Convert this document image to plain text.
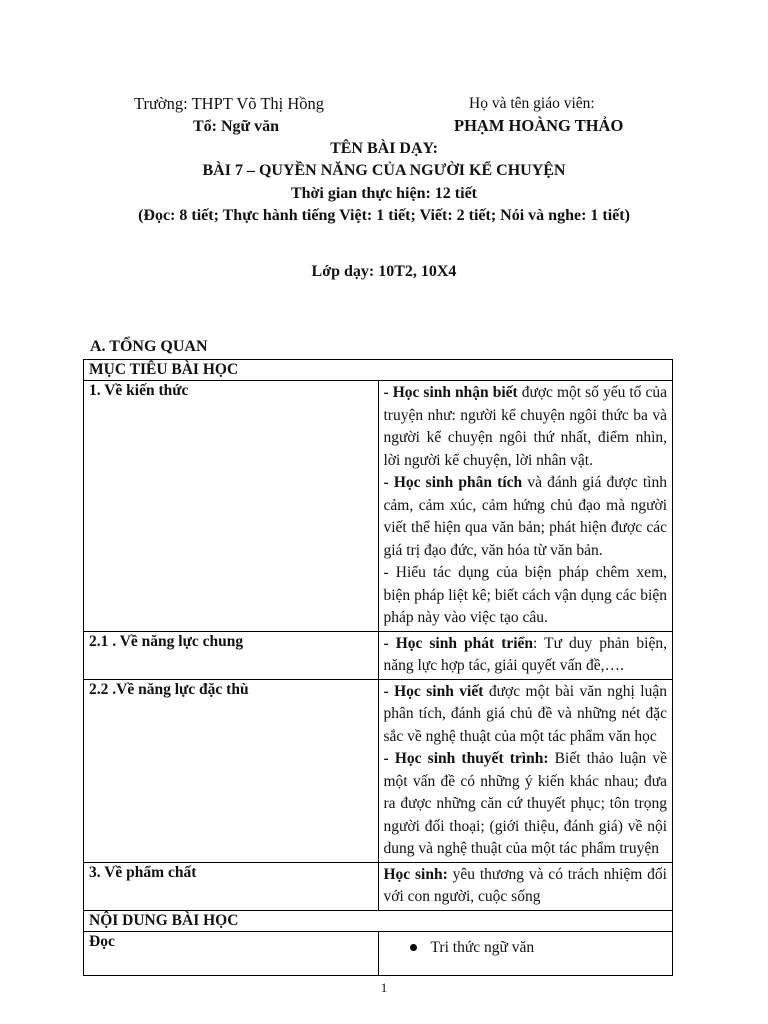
Trường: THPT Võ Thị Hồng	Họ và tên giáo viên:
Tổ: Ngữ văn	PHẠM HOÀNG THẢO
TÊN BÀI DẠY:
BÀI 7 – QUYỀN NĂNG CỦA NGƯỜI KỂ CHUYỆN
Thời gian thực hiện: 12 tiết
(Đọc: 8 tiết; Thực hành tiếng Việt: 1 tiết; Viết: 2 tiết; Nói và nghe: 1 tiết)
Lớp dạy: 10T2, 10X4
A. TỔNG QUAN
MỤC TIÊU BÀI HỌC	
1. Về kiến thức	- Học sinh nhận biết được một số yếu tố của truyện như: người kể chuyện ngôi thức ba và người kể chuyện ngôi thứ nhất, điểm nhìn, lời người kể chuyện, lời nhân vật.
- Học sinh phân tích và đánh giá được tình cảm, cảm xúc, cảm hứng chủ đạo mà người viết thể hiện qua văn bản; phát hiện được các giá trị đạo đức, văn hóa từ văn bản.
- Hiểu tác dụng của biện pháp chêm xem, biện pháp liệt kê; biết cách vận dụng các biện pháp này vào việc tạo câu.

2.1 . Về năng lực chung	- Học sinh phát triển: Tư duy phản biện, năng lực hợp tác, giải quyết vấn đề,….
2.2 .Về năng lực đặc thù	- Học sinh viết được một bài văn nghị luận phân tích, đánh giá chủ đề và những nét đặc sắc về nghệ thuật của một tác phẩm văn học
- Học sinh thuyết trình: Biết thảo luận về một vấn đề có những ý kiến khác nhau; đưa ra được những căn cứ thuyết phục; tôn trọng người đối thoại; (giới thiệu, đánh giá) về nội dung và nghệ thuật của một tác phẩm truyện

3. Về phẩm chất	Học sinh: yêu thương và có trách nhiệm đối với con người, cuộc sống
NỘI DUNG BÀI HỌC	
Đọc	Tri thức ngữ văn
1
